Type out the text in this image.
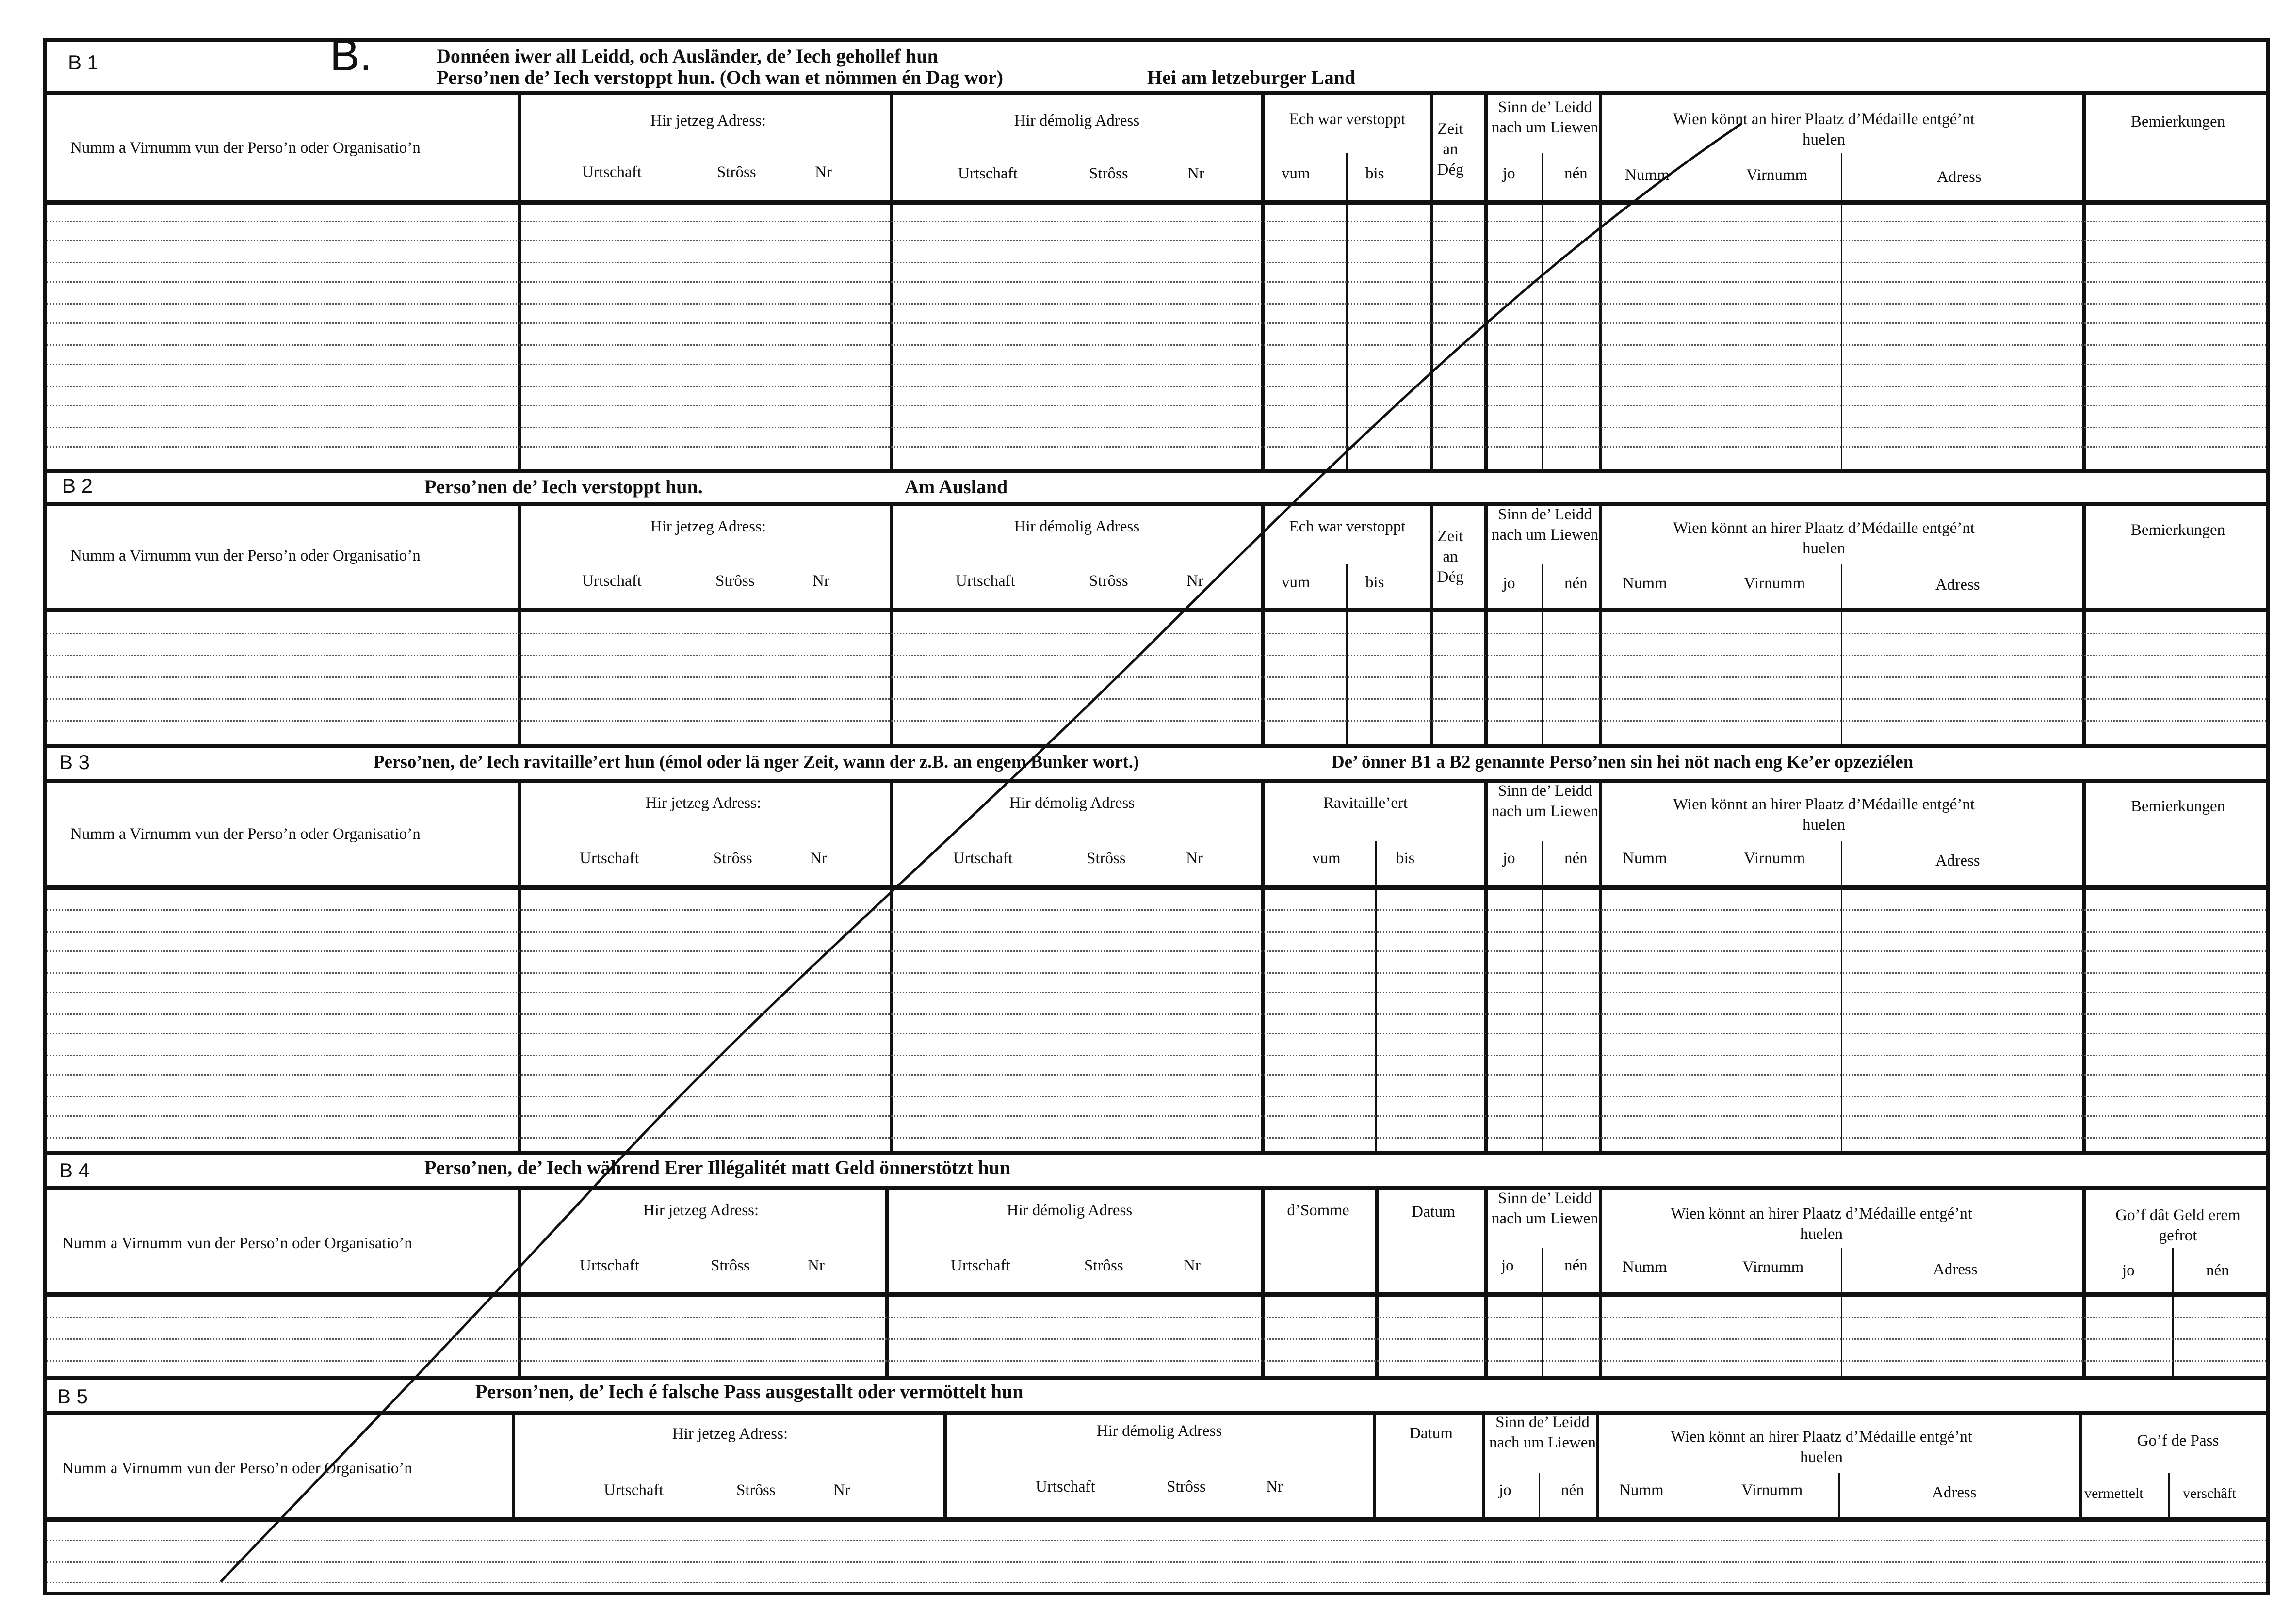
B.
B 1	Donnéen iwer all Leidd, och Ausländer, de’ Iech gehollef hun
Perso’nen de’ Iech verstoppt hun. (Och wan et nömmen én Dag wor)	Hei am letzeburger Land
Numm a Virnumm vun der Perso’n oder Organisatio’n
Hir jetzeg Adress:
Urtschaft	Strôss	Nr
Hir démolig Adress
Urtschaft	Strôss	Nr
Ech war verstoppt
vum	bis
Zeit an Dég
Sinn de’ Leidd nach um Liewen
jo	nén
Wien könnt an hirer Plaatz d’Médaille entgé’nt huelen
Numm	Virnumm	Adress
Bemierkungen
B 2	Perso’nen de’ Iech verstoppt hun.	Am Ausland
Numm a Virnumm vun der Perso’n oder Organisatio’n
Hir jetzeg Adress:
Urtschaft	Strôss	Nr
Hir démolig Adress
Urtschaft	Strôss	Nr
Ech war verstoppt
vum	bis
Zeit an Dég
Sinn de’ Leidd nach um Liewen
jo	nén
Wien könnt an hirer Plaatz d’Médaille entgé’nt huelen
Numm	Virnumm	Adress
Bemierkungen
B 3	Perso’nen, de’ Iech ravitaille’ert hun (émol oder lä nger Zeit, wann der z.B. an engem Bunker wort.)	De’ önner B1 a B2 genannte Perso’nen sin hei nöt nach eng Ke’er opzeziélen
Numm a Virnumm vun der Perso’n oder Organisatio’n
Hir jetzeg Adress:
Urtschaft	Strôss	Nr
Hir démolig Adress
Urtschaft	Strôss	Nr
Ravitaille’ert
vum	bis
Sinn de’ Leidd nach um Liewen
jo	nén
Wien könnt an hirer Plaatz d’Médaille entgé’nt huelen
Numm	Virnumm	Adress
Bemierkungen
B 4	Perso’nen, de’ Iech während Erer Illégalitét matt Geld önnerstötzt hun
Numm a Virnumm vun der Perso’n oder Organisatio’n
Hir jetzeg Adress:
Urtschaft	Strôss	Nr
Hir démolig Adress
Urtschaft	Strôss	Nr
d’Somme	Datum
Sinn de’ Leidd nach um Liewen
jo	nén
Wien könnt an hirer Plaatz d’Médaille entgé’nt huelen
Numm	Virnumm	Adress
Go’f dât Geld erem gefrot
jo	nén
B 5	Person’nen, de’ Iech é falsche Pass ausgestallt oder vermöttelt hun
Numm a Virnumm vun der Perso’n oder Organisatio’n
Hir jetzeg Adress:
Urtschaft	Strôss	Nr
Hir démolig Adress
Urtschaft	Strôss	Nr
Datum
Sinn de’ Leidd nach um Liewen
jo	nén
Wien könnt an hirer Plaatz d’Médaille entgé’nt huelen
Numm	Virnumm	Adress
Go’f de Pass
vermettelt	verschâft
